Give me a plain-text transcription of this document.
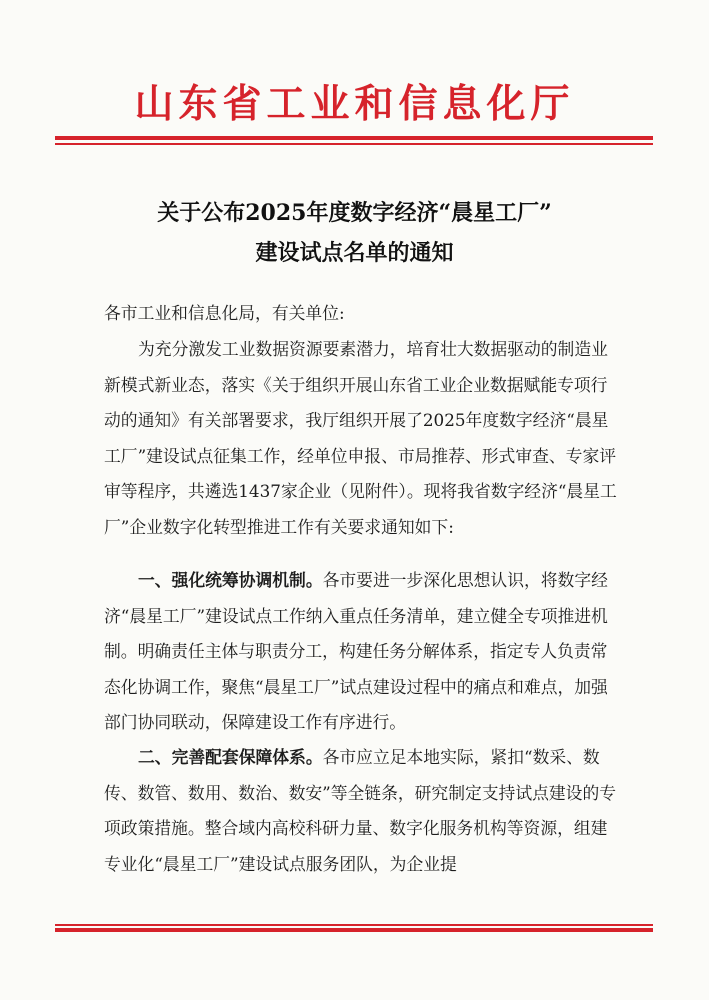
山东省工业和信息化厅
关于公布2025年度数字经济“晨星工厂”
建设试点名单的通知
各市工业和信息化局，有关单位:
为充分激发工业数据资源要素潜力，培育壮大数据驱动的制造业新模式新业态，落实《关于组织开展山东省工业企业数据赋能专项行动的通知》有关部署要求，我厅组织开展了2025年度数字经济“晨星工厂”建设试点征集工作，经单位申报、市局推荐、形式审查、专家评审等程序，共遴选1437家企业（见附件）。现将我省数字经济“晨星工厂”企业数字化转型推进工作有关要求通知如下:
一、强化统筹协调机制。各市要进一步深化思想认识，将数字经济“晨星工厂”建设试点工作纳入重点任务清单，建立健全专项推进机制。明确责任主体与职责分工，构建任务分解体系，指定专人负责常态化协调工作，聚焦“晨星工厂”试点建设过程中的痛点和难点，加强部门协同联动，保障建设工作有序进行。
二、完善配套保障体系。各市应立足本地实际，紧扣“数采、数传、数管、数用、数治、数安”等全链条，研究制定支持试点建设的专项政策措施。整合域内高校科研力量、数字化服务机构等资源，组建专业化“晨星工厂”建设试点服务团队，为企业提
